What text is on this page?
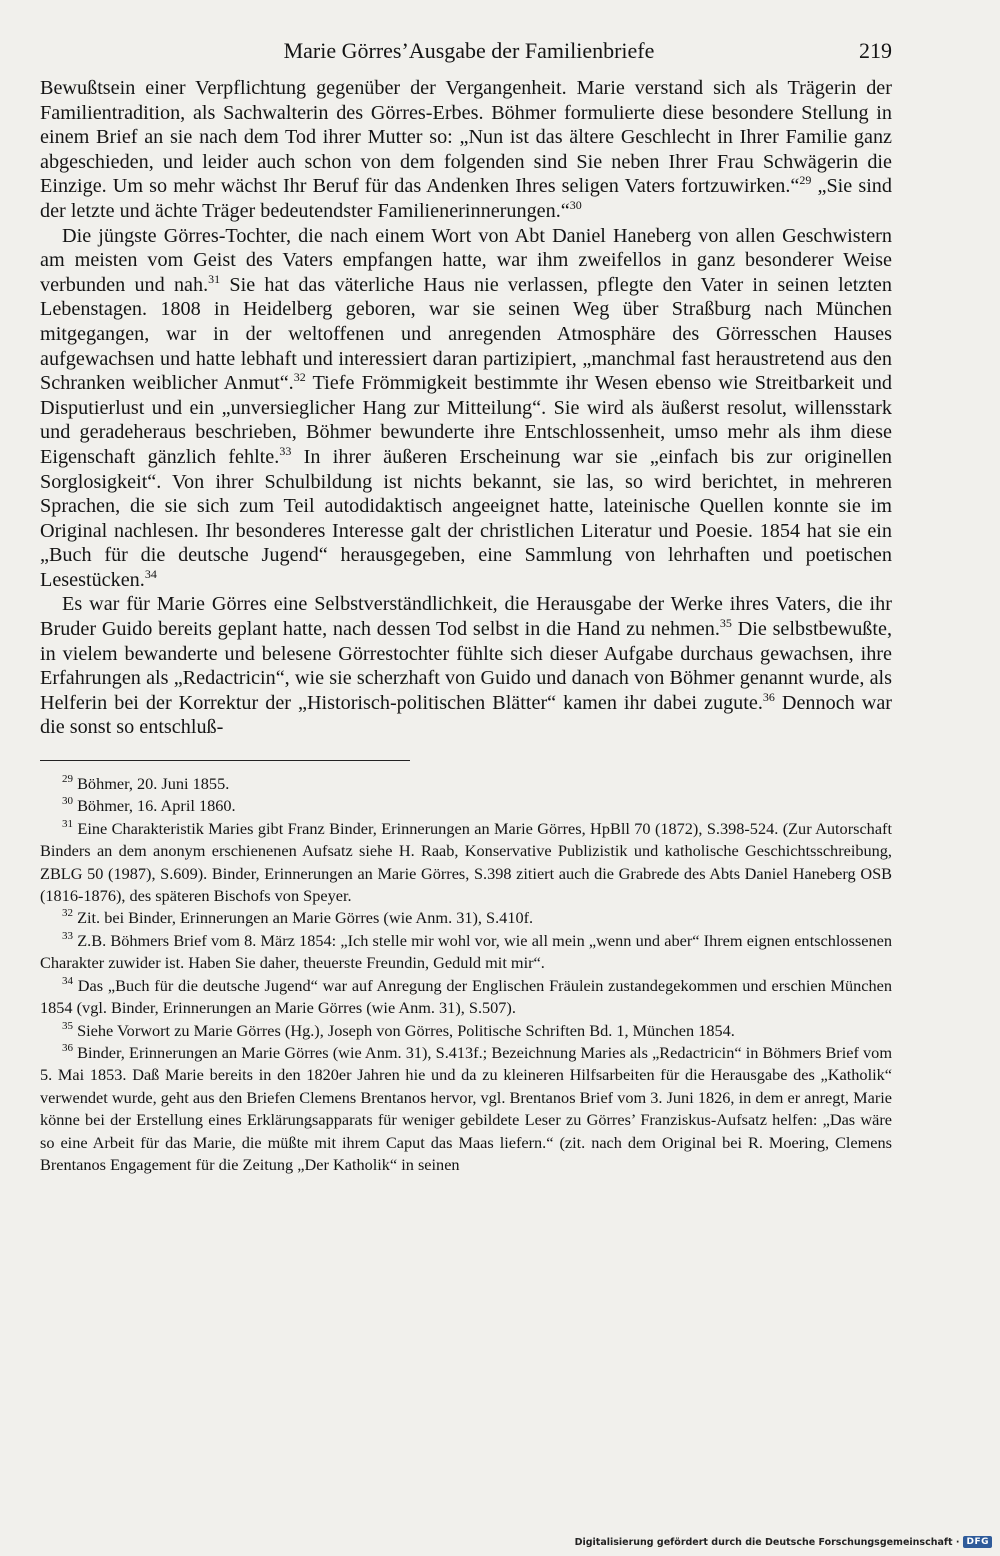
Marie Görres’Ausgabe der Familienbriefe	219

Bewußtsein einer Verpflichtung gegenüber der Vergangenheit. Marie verstand sich als Trägerin der Familientradition, als Sachwalterin des Görres-Erbes. Böhmer formulierte diese besondere Stellung in einem Brief an sie nach dem Tod ihrer Mutter so: „Nun ist das ältere Geschlecht in Ihrer Familie ganz abgeschieden, und leider auch schon von dem folgenden sind Sie neben Ihrer Frau Schwägerin die Einzige. Um so mehr wächst Ihr Beruf für das Andenken Ihres seligen Vaters fortzuwirken.“$^{29}$ „Sie sind der letzte und ächte Träger bedeutendster Familienerinnerungen.“$^{30}$

Die jüngste Görres-Tochter, die nach einem Wort von Abt Daniel Haneberg von allen Geschwistern am meisten vom Geist des Vaters empfangen hatte, war ihm zweifellos in ganz besonderer Weise verbunden und nah.$^{31}$ Sie hat das väterliche Haus nie verlassen, pflegte den Vater in seinen letzten Lebenstagen. 1808 in Heidelberg geboren, war sie seinen Weg über Straßburg nach München mitgegangen, war in der weltoffenen und anregenden Atmosphäre des Görresschen Hauses aufgewachsen und hatte lebhaft und interessiert daran partizipiert, „manchmal fast heraustretend aus den Schranken weiblicher Anmut“.$^{32}$ Tiefe Frömmigkeit bestimmte ihr Wesen ebenso wie Streitbarkeit und Disputierlust und ein „unversieglicher Hang zur Mitteilung“. Sie wird als äußerst resolut, willensstark und geradeheraus beschrieben, Böhmer bewunderte ihre Entschlossenheit, umso mehr als ihm diese Eigenschaft gänzlich fehlte.$^{33}$ In ihrer äußeren Erscheinung war sie „einfach bis zur originellen Sorglosigkeit“. Von ihrer Schulbildung ist nichts bekannt, sie las, so wird berichtet, in mehreren Sprachen, die sie sich zum Teil autodidaktisch angeeignet hatte, lateinische Quellen konnte sie im Original nachlesen. Ihr besonderes Interesse galt der christlichen Literatur und Poesie. 1854 hat sie ein „Buch für die deutsche Jugend“ herausgegeben, eine Sammlung von lehrhaften und poetischen Lesestücken.$^{34}$

Es war für Marie Görres eine Selbstverständlichkeit, die Herausgabe der Werke ihres Vaters, die ihr Bruder Guido bereits geplant hatte, nach dessen Tod selbst in die Hand zu nehmen.$^{35}$ Die selbstbewußte, in vielem bewanderte und belesene Görrestochter fühlte sich dieser Aufgabe durchaus gewachsen, ihre Erfahrungen als „Redactricin“, wie sie scherzhaft von Guido und danach von Böhmer genannt wurde, als Helferin bei der Korrektur der „Historisch-politischen Blätter“ kamen ihr dabei zugute.$^{36}$ Dennoch war die sonst so entschluß-

$^{29}$ Böhmer, 20. Juni 1855.

$^{30}$ Böhmer, 16. April 1860.

$^{31}$ Eine Charakteristik Maries gibt Franz Binder, Erinnerungen an Marie Görres, HpBll 70 (1872), S.398-524. (Zur Autorschaft Binders an dem anonym erschienenen Aufsatz siehe H. Raab, Konservative Publizistik und katholische Geschichtsschreibung, ZBLG 50 (1987), S.609). Binder, Erinnerungen an Marie Görres, S.398 zitiert auch die Grabrede des Abts Daniel Haneberg OSB (1816-1876), des späteren Bischofs von Speyer.

$^{32}$ Zit. bei Binder, Erinnerungen an Marie Görres (wie Anm. 31), S.410f.

$^{33}$ Z.B. Böhmers Brief vom 8. März 1854: „Ich stelle mir wohl vor, wie all mein „wenn und aber“ Ihrem eignen entschlossenen Charakter zuwider ist. Haben Sie daher, theuerste Freundin, Geduld mit mir“.

$^{34}$ Das „Buch für die deutsche Jugend“ war auf Anregung der Englischen Fräulein zustandegekommen und erschien München 1854 (vgl. Binder, Erinnerungen an Marie Görres (wie Anm. 31), S.507).

$^{35}$ Siehe Vorwort zu Marie Görres (Hg.), Joseph von Görres, Politische Schriften Bd. 1, München 1854.

$^{36}$ Binder, Erinnerungen an Marie Görres (wie Anm. 31), S.413f.; Bezeichnung Maries als „Redactricin“ in Böhmers Brief vom 5. Mai 1853. Daß Marie bereits in den 1820er Jahren hie und da zu kleineren Hilfsarbeiten für die Herausgabe des „Katholik“ verwendet wurde, geht aus den Briefen Clemens Brentanos hervor, vgl. Brentanos Brief vom 3. Juni 1826, in dem er anregt, Marie könne bei der Erstellung eines Erklärungsapparats für weniger gebildete Leser zu Görres’ Franziskus-Aufsatz helfen: „Das wäre so eine Arbeit für das Marie, die müßte mit ihrem Caput das Maas liefern.“ (zit. nach dem Original bei R. Moering, Clemens Brentanos Engagement für die Zeitung „Der Katholik“ in seinen

Digitalisierung gefördert durch die Deutsche Forschungsgemeinschaft · DFG
